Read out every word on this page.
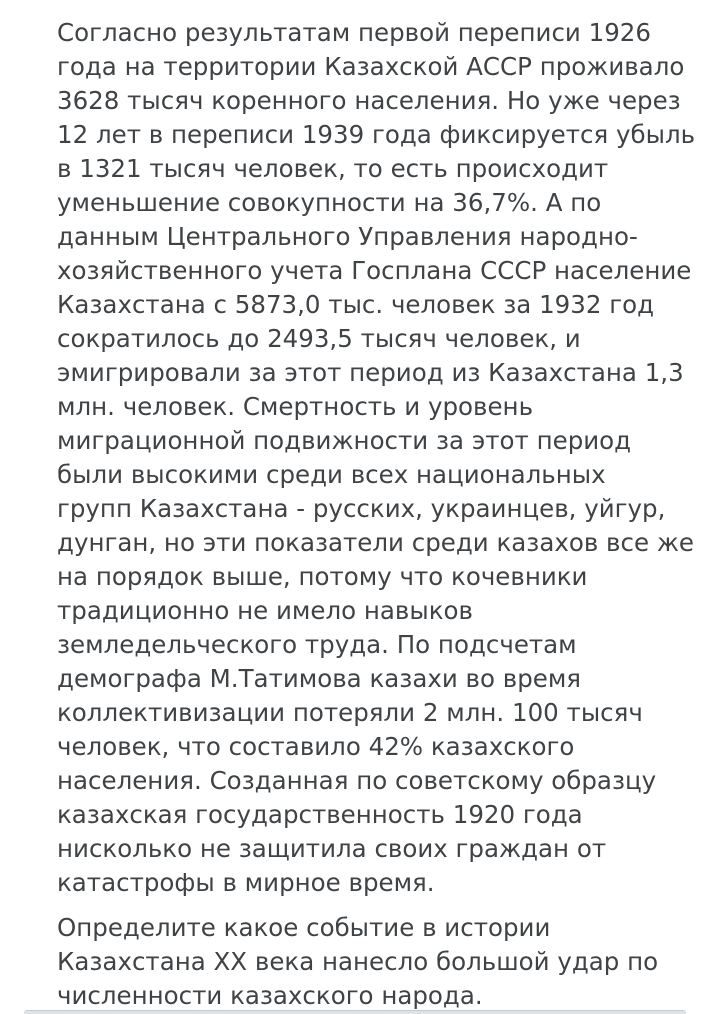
Согласно результатам первой переписи 1926
года на территории Казахской АССР проживало
3628 тысяч коренного населения. Но уже через
12 лет в переписи 1939 года фиксируется убыль
в 1321 тысяч человек, то есть происходит
уменьшение совокупности на 36,7%. А по
данным Центрального Управления народно-
хозяйственного учета Госплана СССР население
Казахстана с 5873,0 тыс. человек за 1932 год
сократилось до 2493,5 тысяч человек, и
эмигрировали за этот период из Казахстана 1,3
млн. человек. Смертность и уровень
миграционной подвижности за этот период
были высокими среди всех национальных
групп Казахстана - русских, украинцев, уйгур,
дунган, но эти показатели среди казахов все же
на порядок выше, потому что кочевники
традиционно не имело навыков
земледельческого труда. По подсчетам
демографа М.Татимова казахи во время
коллективизации потеряли 2 млн. 100 тысяч
человек, что составило 42% казахского
населения. Созданная по советскому образцу
казахская государственность 1920 года
нисколько не защитила своих граждан от
катастрофы в мирное время.
Определите какое событие в истории
Казахстана XX века нанесло большой удар по
численности казахского народа.
